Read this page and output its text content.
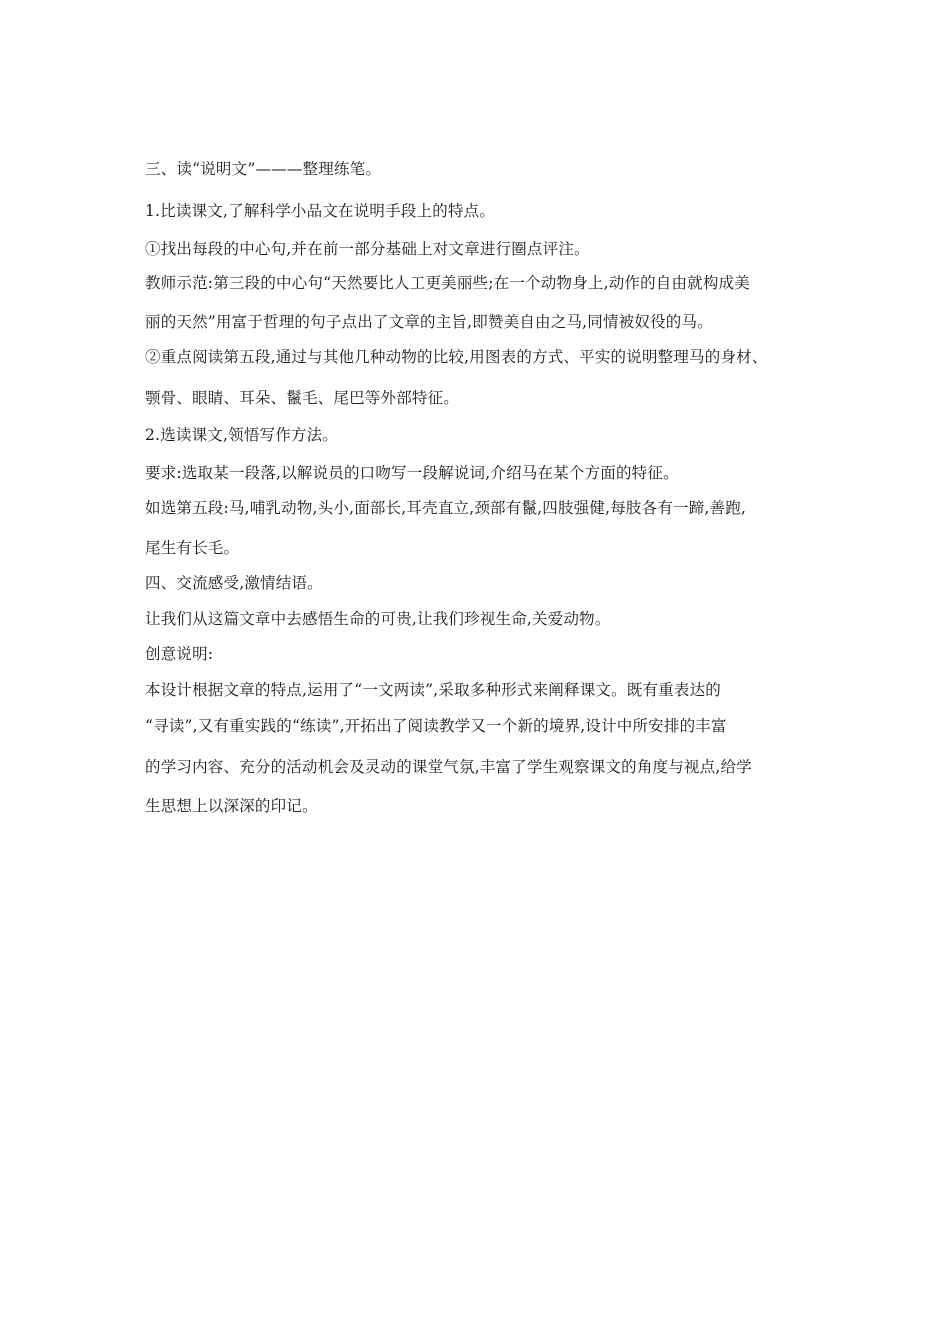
三、读“说明文”———整理练笔。
1.比读课文,了解科学小品文在说明手段上的特点。
①找出每段的中心句,并在前一部分基础上对文章进行圈点评注。
教师示范:第三段的中心句“天然要比人工更美丽些;在一个动物身上,动作的自由就构成美
丽的天然”用富于哲理的句子点出了文章的主旨,即赞美自由之马,同情被奴役的马。
②重点阅读第五段,通过与其他几种动物的比较,用图表的方式、平实的说明整理马的身材、
颚骨、眼睛、耳朵、鬣毛、尾巴等外部特征。
2.选读课文,领悟写作方法。
要求:选取某一段落,以解说员的口吻写一段解说词,介绍马在某个方面的特征。
如选第五段:马,哺乳动物,头小,面部长,耳壳直立,颈部有鬣,四肢强健,每肢各有一蹄,善跑,
尾生有长毛。
四、交流感受,激情结语。
让我们从这篇文章中去感悟生命的可贵,让我们珍视生命,关爱动物。
创意说明:
本设计根据文章的特点,运用了“一文两读”,采取多种形式来阐释课文。既有重表达的
“寻读”,又有重实践的“练读”,开拓出了阅读教学又一个新的境界,设计中所安排的丰富
的学习内容、充分的活动机会及灵动的课堂气氛,丰富了学生观察课文的角度与视点,给学
生思想上以深深的印记。
